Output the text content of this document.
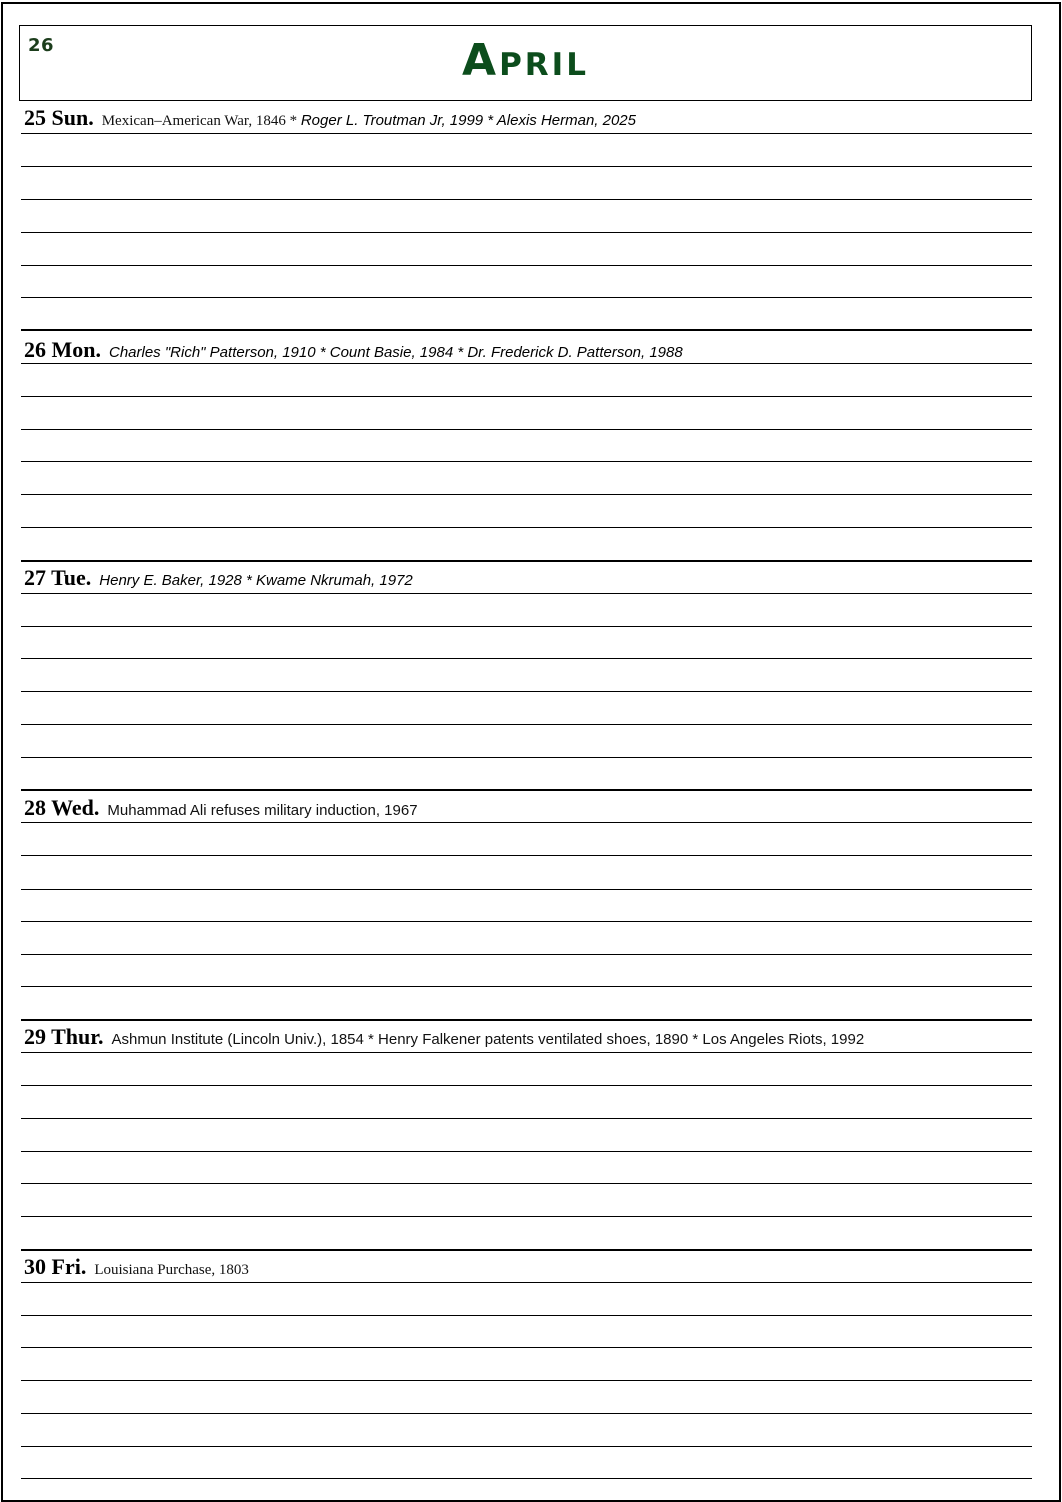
26	April
25 Sun. Mexican–American War, 1846 * Roger L. Troutman Jr, 1999 * Alexis Herman, 2025
26 Mon. Charles "Rich" Patterson, 1910 * Count Basie, 1984 * Dr. Frederick D. Patterson, 1988
27 Tue. Henry E. Baker, 1928 * Kwame Nkrumah, 1972
28 Wed. Muhammad Ali refuses military induction, 1967
29 Thur. Ashmun Institute (Lincoln Univ.), 1854 * Henry Falkener patents ventilated shoes, 1890 * Los Angeles Riots, 1992
30 Fri. Louisiana Purchase, 1803
